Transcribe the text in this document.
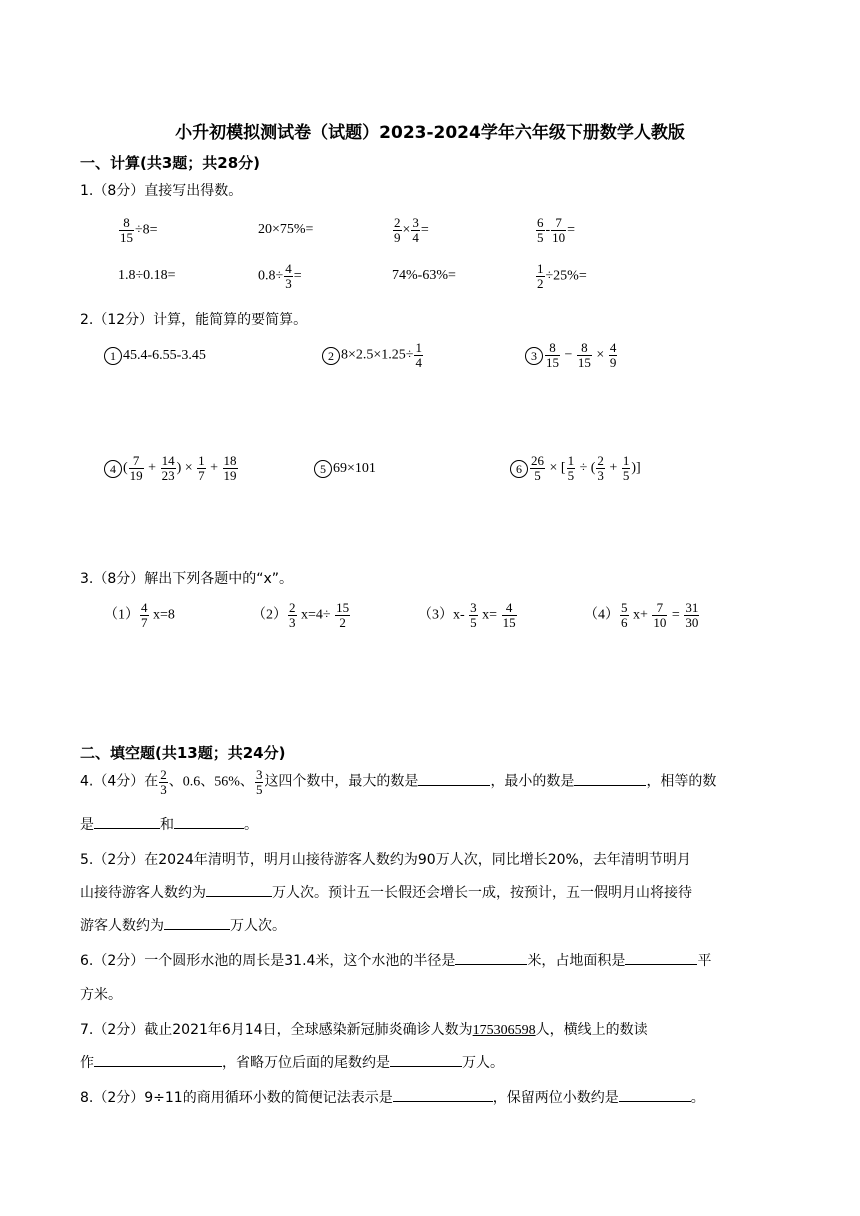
小升初模拟测试卷（试题）2023-2024学年六年级下册数学人教版
一、计算(共3题；共28分)
1.（8分）直接写出得数。
$\frac{8}{15} \div 8=$	20×75%=	$\frac{2}{9} \times \frac{3}{4}$ =	$\frac{6}{5} - \frac{7}{10}$ =
1.8÷0.18=	$0.8\div \frac{4}{3}$ =	74%-63%=	$\frac{1}{2} \div 25\%=$
2.（12分）计算，能简算的要简算。
1 45.4-6.55-3.45	2 $8\times 2.5\times 1.25\div \frac{1}{4}$	$3 \frac{8}{15} - \frac{8}{15} \times \frac{4}{9}$
4 ( $\frac{7}{19} + \frac{14}{23}$ ) × $\frac{1}{7} + \frac{18}{19}$	5 69×101	$6 \frac{26}{5}$ × [ $\frac{1}{5}$ ÷ ( $\frac{2}{3} + \frac{1}{5}$ )]
3.（8分）解出下列各题中的“x”。
$(1) \frac{4}{7} x=8$	$(2) \frac{2}{3} x=4\div \frac{15}{2}$	$(3)x- \frac{3}{5} x= \frac{4}{15}$	$(4) \frac{5}{6} x+ \frac{7}{10} = \frac{31}{30}$
二、填空题(共13题；共24分)
4.（4分）在 $\frac{2}{3}$ 、0.6、56%、 $\frac{3}{5}$ 这四个数中，最大的数是	，最小的数是	，相等的数
是	和	。
5.（2分）在2024年清明节，明月山接待游客人数约为90万人次，同比增长20%，去年清明节明月
山接待游客人数约为	万人次。预计五一长假还会增长一成，按预计，五一假明月山将接待
游客人数约为	万人次。
6.（2分）一个圆形水池的周长是31.4米，这个水池的半径是	米，占地面积是	平
方米。
7.（2分）截止2021年6月14日，全球感染新冠肺炎确诊人数为175306598人，横线上的数读
作	，省略万位后面的尾数约是	万人。
8.（2分）9÷11的商用循环小数的简便记法表示是	，保留两位小数约是	。
